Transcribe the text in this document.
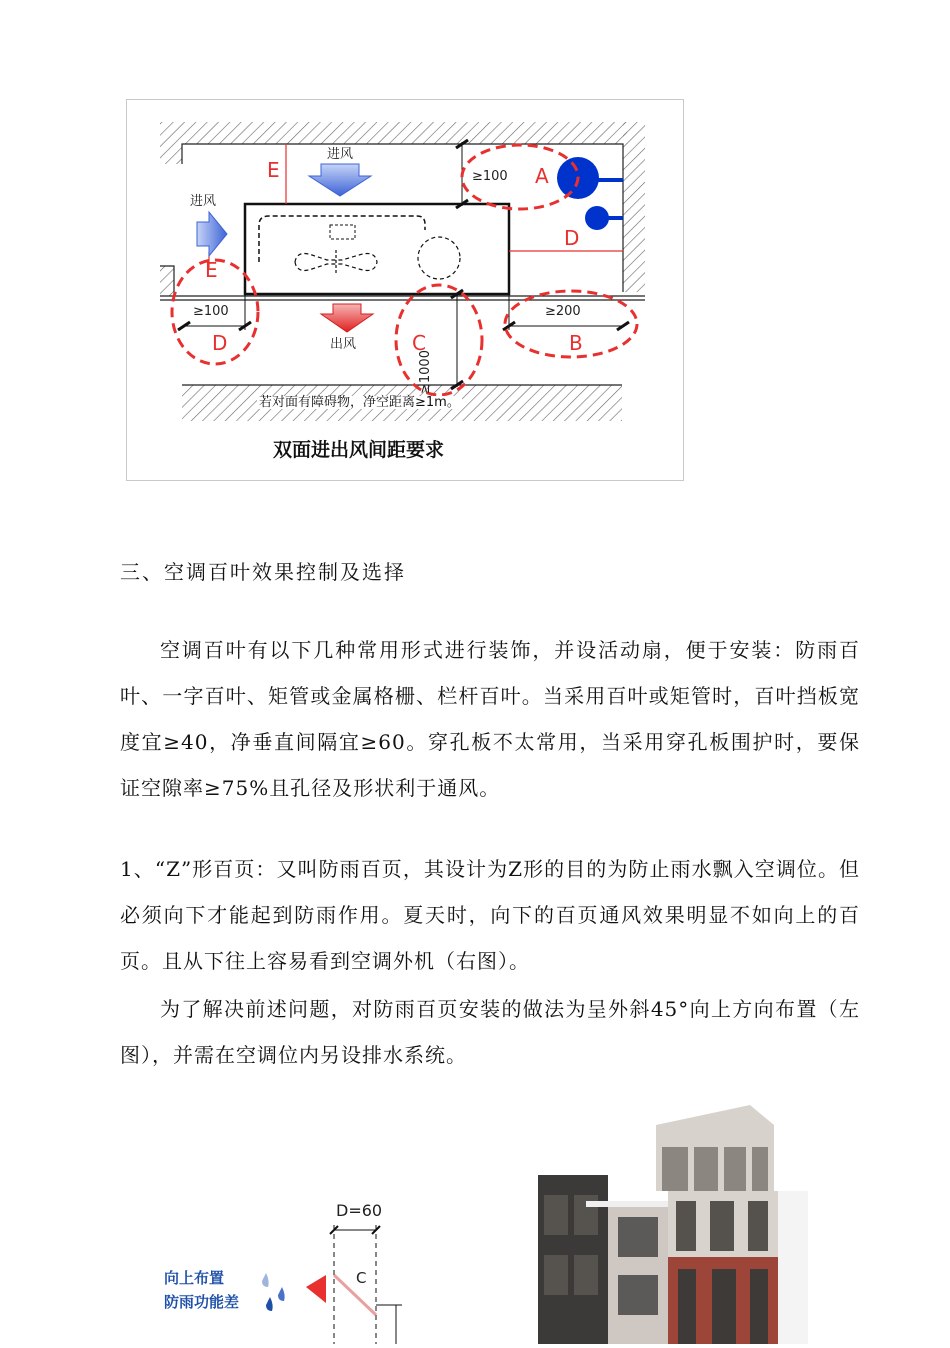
进风
进风
出风
E
E
A
D
D	C	B
≥100
≥100	≥200
≥1000
若对面有障碍物，净空距离≥1m。
双面进出风间距要求
三、空调百叶效果控制及选择

空调百叶有以下几种常用形式进行装饰，并设活动扇，便于安装：防雨百叶、一字百叶、矩管或金属格栅、栏杆百叶。当采用百叶或矩管时，百叶挡板宽度宜≥40，净垂直间隔宜≥60。穿孔板不太常用，当采用穿孔板围护时，要保证空隙率≥75%且孔径及形状利于通风。

1、“Z”形百页：又叫防雨百页，其设计为Z形的目的为防止雨水飘入空调位。但必须向下才能起到防雨作用。夏天时，向下的百页通风效果明显不如向上的百页。且从下往上容易看到空调外机（右图）。

为了解决前述问题，对防雨百页安装的做法为呈外斜45°向上方向布置（左图），并需在空调位内另设排水系统。

D=60
C
向上布置
防雨功能差
